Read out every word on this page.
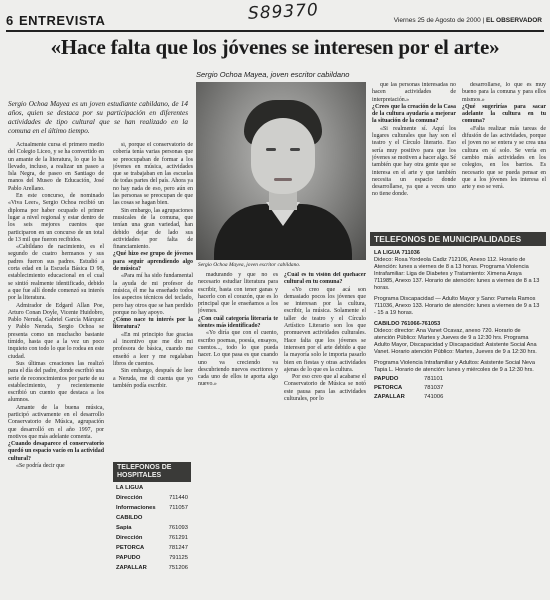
S89370
6 ENTREVISTA	Viernes 25 de Agosto de 2000 | EL OBSERVADOR
«Hace falta que los jóvenes se interesen por el arte»
Sergio Ochoa Mayea, joven escritor cabildano

Sergio Ochoa Mayea es un joven estudiante cabildano, de 14 años, quien se destaca por su participación en diferentes actividades de tipo cultural que se han realizado en la comuna en el último tiempo.

Actualmente cursa el primero medio del Colegio Liceo, y se ha convertido en un amante de la literatura, lo que lo ha llevado, incluso, a realizar un paseo a Isla Negra, de paseo en Santiago de manos del Museo de Educación, José Pablo Arellano.

En este concurso, de nominado «Viva Leer», Sergio Ochoa recibió un diploma por haber ocupado el primer lugar a nivel regional y estar dentro de los seis mejores cuentos que participaron en un concurso de un total de 13 mil que fueron recibidos.

«Cabildano de nacimiento, es el segundo de cuatro hermanos y sus padres fueron sus padres. Estudió a corta edad en la Escuela Básica D 98, establecimiento educacional en el cual se sintió realmente identificado, debido a que fue allí donde comenzó su interés por la literatura.

Admirador de Edgard Allan Poe, Arturo Conan Doyle, Vicente Huidobro, Pablo Neruda, Gabriel García Márquez y Pablo Neruda, Sergio Ochoa se presenta como un muchacho bastante tímido, hasta que a la vez un poco inquieto con todo lo que lo rodea en este ciudad.

Sus últimas creaciones las realizó para el día del padre, donde escribió una serie de reconocimientos por parte de su establecimiento, y recientemente escribió un cuento que destaca a los alumnos.

Amante de la buena música, participó activamente en el desarrollo Conservatorio de Música, agrupación que desarrolló en el año 1997, por motivos que más adelante comenta.

¿Cuando desaparece el conservatorio quedó un espacio vacío en la actividad cultural?

«Se podría decir que

sí, porque el conservatorio de cobería tenía varias personas que se preocupaban de formar a los jóvenes en música, actividades que se trabajaban en las escuelas de todas partes del país. Ahora ya no hay nada de eso, pero aún en las personas se preocupan de que las cosas se hagan bien.

Sin embargo, las agrupaciones musicales de la comuna, que tenían una gran variedad, han debido dejar de lado sus actividades por falta de financiamiento.

¿Qué hizo ese grupo de jóvenes para seguir aprendiendo algo de música?

«Para mí ha sido fundamental la ayuda de mi profesor de música, él me ha enseñado todos los aspectos técnicos del teclado, pero hay otros que se han perdido porque no hay apoyo.

¿Cómo nace tu interés por la literatura?

«En mi principio fue gracias al incentivo que me dio mi profesora de básica, cuando me enseñó a leer y me regalaban libros de cuentos.

Sin embargo, después de leer a Neruda, me di cuenta que yo también podía escribir.

Sergio Ochoa Mayea, joven escritor cabildano.

madurando y que no es necesario estudiar literatura para escribir, basta con tener ganas y hacerlo con el corazón, que es lo principal que le enseñamos a los jóvenes.

¿Con cuál categoría literaria te sientes más identificado?

«Yo diría que con el cuento, escribo poemas, poesía, ensayos, cuentos..., todo lo que pueda hacer. Lo que pasa es que cuando uno va creciendo va descubriendo nuevos escritores y cada uno de ellos te aporta algo nuevo.»

¿Cuál es tu visión del quehacer cultural en tu comuna?

«Yo creo que acá son demasiado pocos los jóvenes que se interesan por la cultura, escribir, la música. Solamente el taller de teatro y el Círculo Artístico Literario son los que promueven actividades culturales. Hace falta que los jóvenes se interesen por el arte debido a que la mayoría solo le importa pasarlo bien en fiestas y otras actividades ajenas de lo que es la cultura.

Por eso creo que al acabarse el Conservatorio de Música se notó este pausa para las actividades culturales, por lo

que las personas interesadas no hacen actividades de interpretación.»

¿Crees que la creación de la Casa de la cultura ayudaría a mejorar la situación de la comuna?

«Si realmente sí. Aquí los lugares culturales que hay son el teatro y el Círculo literario. Eso sería muy positivo para que los jóvenes se motiven a hacer algo. Sé también que hay otra gente que se interesa en el arte y que también necesita un espacio donde desarrollarse, ya que a veces uno no tiene donde.

desarrollarse, lo que es muy bueno para la comuna y para ellos mismos.»

¿Qué sugerirías para sacar adelante la cultura en tu comuna?

«Falta realizar más tareas de difusión de las actividades, porque el joven no se entera y se crea una cultura en sí solo. Se vería en cambio más actividades en los colegios, en los barrios. Es necesario que se pueda pensar en que a los jóvenes les interesa el arte y eso se verá.

TELEFONOS DE MUNICIPALIDADES
LA LIGUA 711036
Dideco: Rosa Yordeola Cadiz 712106, Anexo 112. Horario de Atención: lunes a viernes de 8 a 13 horas. Programa Violencia Intrafamiliar: Liga de Diabetes y Tratamiento: Ximena Araya 711985, Anexo 137. Horario de atención: lunes a viernes de 8 a 13 horas.
Programa Discapacidad — Adulto Mayor y Sano: Pamela Ramos 711036, Anexo 133. Horario de atención: lunes a viernes de 9 a 13 - 15 a 19 horas.
CABILDO 761066-761053
Dideco: director: Ana Vanet Ocavaz, anexo 720. Horario de atención Público: Martes y Jueves de 9 a 12:30 hrs. Programa Adulto Mayor, Discapacidad y Discapacidad: Asistente Social Ana Vanet. Horario atención Público: Martes, Jueves de 9 a 12:30 hrs.
Programa Violencia Intrafamiliar y Adultos: Asistente Social Neva Tapia L. Horario de atención: lunes y miércoles de 9 a 12:30 hrs.
PAPUDO	781101
PETORCA	781037
ZAPALLAR	741006
TELEFONOS DE HOSPITALES
LA LIGUA
Dirección	711440
Informaciones 711057
CABILDO
Sapia	761093
Dirección	761291
PETORCA	781247
PAPUDO	791125
ZAPALLAR	751206
